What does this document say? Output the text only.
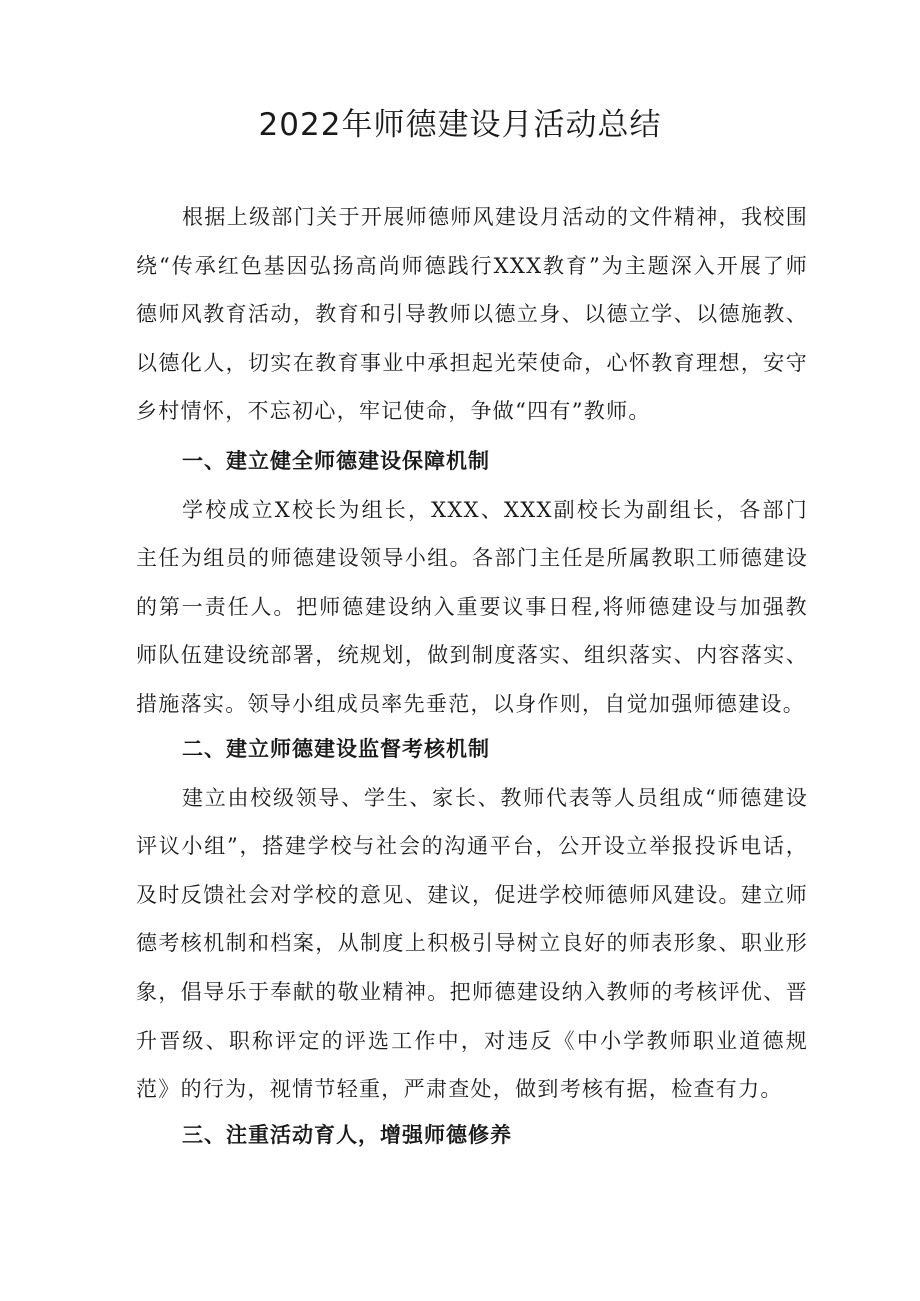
2022年师德建设月活动总结

根据上级部门关于开展师德师风建设月活动的文件精神，我校围绕“传承红色基因弘扬高尚师德践行XXX教育”为主题深入开展了师德师风教育活动，教育和引导教师以德立身、以德立学、以德施教、以德化人，切实在教育事业中承担起光荣使命，心怀教育理想，安守乡村情怀，不忘初心，牢记使命，争做“四有”教师。

一、建立健全师德建设保障机制

学校成立X校长为组长，XXX、XXX副校长为副组长，各部门主任为组员的师德建设领导小组。各部门主任是所属教职工师德建设的第一责任人。把师德建设纳入重要议事日程,将师德建设与加强教师队伍建设统部署，统规划，做到制度落实、组织落实、内容落实、措施落实。领导小组成员率先垂范，以身作则，自觉加强师德建设。

二、建立师德建设监督考核机制

建立由校级领导、学生、家长、教师代表等人员组成“师德建设评议小组”，搭建学校与社会的沟通平台，公开设立举报投诉电话，及时反馈社会对学校的意见、建议，促进学校师德师风建设。建立师德考核机制和档案，从制度上积极引导树立良好的师表形象、职业形象，倡导乐于奉献的敬业精神。把师德建设纳入教师的考核评优、晋升晋级、职称评定的评选工作中，对违反《中小学教师职业道德规范》的行为，视情节轻重，严肃查处，做到考核有据，检查有力。

三、注重活动育人，增强师德修养
